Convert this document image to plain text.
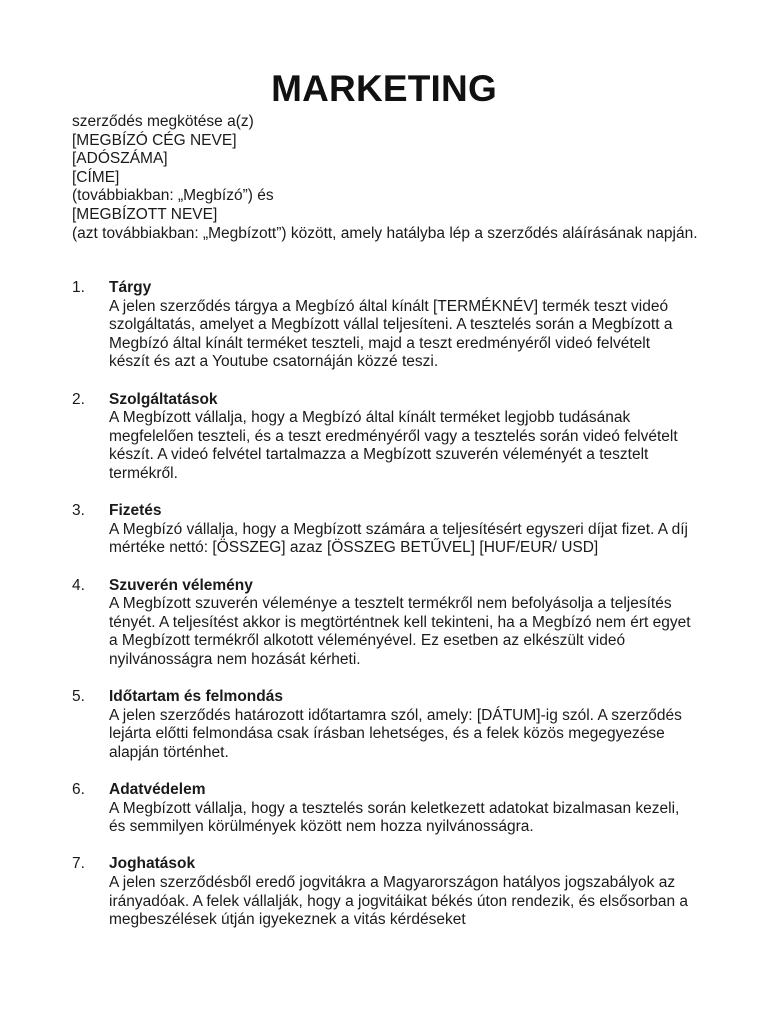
MARKETING
szerződés megkötése a(z)
[MEGBÍZÓ CÉG NEVE]
[ADÓSZÁMA]
[CÍME]
(továbbiakban: „Megbízó”) és
[MEGBÍZOTT NEVE]
(azt továbbiakban: „Megbízott”) között, amely hatályba lép a szerződés aláírásának napján.
1. Tárgy

A jelen szerződés tárgya a Megbízó által kínált [TERMÉKNÉV] termék teszt videó szolgáltatás, amelyet a Megbízott vállal teljesíteni. A tesztelés során a Megbízott a Megbízó által kínált terméket teszteli, majd a teszt eredményéről videó felvételt készít és azt a Youtube csatornáján közzé teszi.

2. Szolgáltatások

A Megbízott vállalja, hogy a Megbízó által kínált terméket legjobb tudásának megfelelően teszteli, és a teszt eredményéről vagy a tesztelés során videó felvételt készít. A videó felvétel tartalmazza a Megbízott szuverén véleményét a tesztelt termékről.

3. Fizetés

A Megbízó vállalja, hogy a Megbízott számára a teljesítésért egyszeri díjat fizet. A díj mértéke nettó: [ÖSSZEG] azaz [ÖSSZEG BETŰVEL] [HUF/EUR/ USD]

4. Szuverén vélemény

A Megbízott szuverén véleménye a tesztelt termékről nem befolyásolja a teljesítés tényét. A teljesítést akkor is megtörténtnek kell tekinteni, ha a Megbízó nem ért egyet a Megbízott termékről alkotott véleményével. Ez esetben az elkészült videó nyilvánosságra nem hozását kérheti.

5. Időtartam és felmondás

A jelen szerződés határozott időtartamra szól, amely: [DÁTUM]-ig szól. A szerződés lejárta előtti felmondása csak írásban lehetséges, és a felek közös megegyezése alapján történhet.

6. Adatvédelem

A Megbízott vállalja, hogy a tesztelés során keletkezett adatokat bizalmasan kezeli, és semmilyen körülmények között nem hozza nyilvánosságra.

7. Joghatások

A jelen szerződésből eredő jogvitákra a Magyarországon hatályos jogszabályok az irányadóak. A felek vállalják, hogy a jogvitáikat békés úton rendezik, és elsősorban a megbeszélések útján igyekeznek a vitás kérdéseket
